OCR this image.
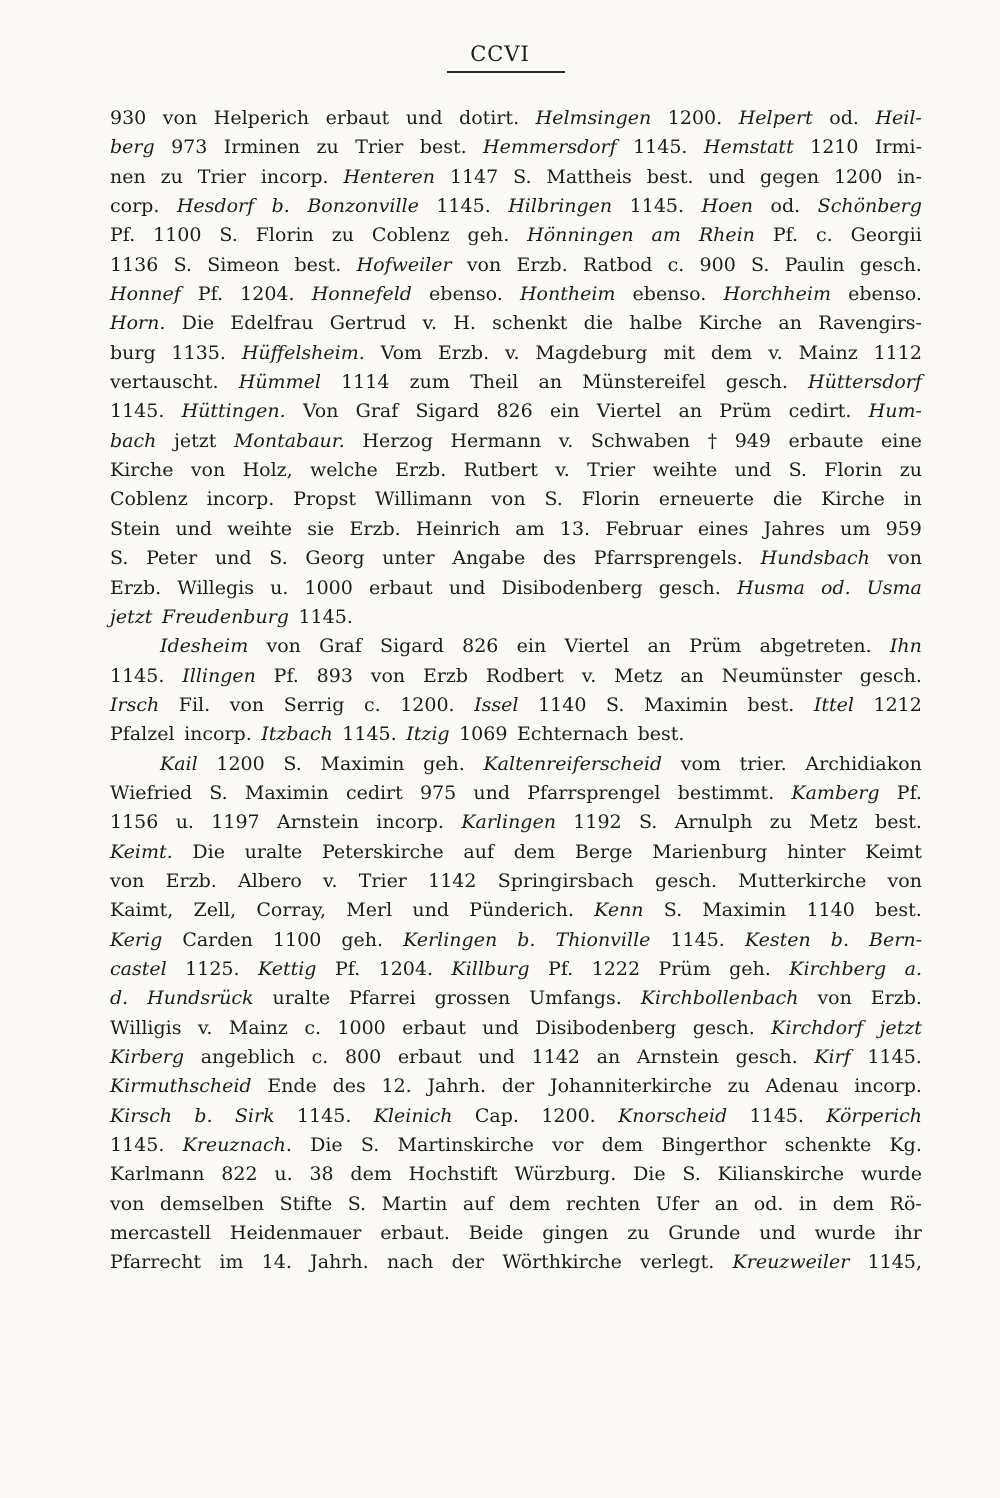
CCVI
930 von Helperich erbaut und dotirt. Helmsingen 1200. Helpert od. Heil-
berg 973 Irminen zu Trier best. Hemmersdorf 1145. Hemstatt 1210 Irmi-
nen zu Trier incorp. Henteren 1147 S. Mattheis best. und gegen 1200 in-
corp. Hesdorf b. Bonzonville 1145. Hilbringen 1145. Hoen od. Schönberg
Pf. 1100 S. Florin zu Coblenz geh. Hönningen am Rhein Pf. c. Georgii
1136 S. Simeon best. Hofweiler von Erzb. Ratbod c. 900 S. Paulin gesch.
Honnef Pf. 1204. Honnefeld ebenso. Hontheim ebenso. Horchheim ebenso.
Horn. Die Edelfrau Gertrud v. H. schenkt die halbe Kirche an Ravengirs-
burg 1135. Hüffelsheim. Vom Erzb. v. Magdeburg mit dem v. Mainz 1112
vertauscht. Hümmel 1114 zum Theil an Münstereifel gesch. Hüttersdorf
1145. Hüttingen. Von Graf Sigard 826 ein Viertel an Prüm cedirt. Hum-
bach jetzt Montabaur. Herzog Hermann v. Schwaben † 949 erbaute eine
Kirche von Holz, welche Erzb. Rutbert v. Trier weihte und S. Florin zu
Coblenz incorp. Propst Willimann von S. Florin erneuerte die Kirche in
Stein und weihte sie Erzb. Heinrich am 13. Februar eines Jahres um 959
S. Peter und S. Georg unter Angabe des Pfarrsprengels. Hundsbach von
Erzb. Willegis u. 1000 erbaut und Disibodenberg gesch. Husma od. Usma
jetzt Freudenburg 1145.
Idesheim von Graf Sigard 826 ein Viertel an Prüm abgetreten. Ihn
1145. Illingen Pf. 893 von Erzb Rodbert v. Metz an Neumünster gesch.
Irsch Fil. von Serrig c. 1200. Issel 1140 S. Maximin best. Ittel 1212
Pfalzel incorp. Itzbach 1145. Itzig 1069 Echternach best.
Kail 1200 S. Maximin geh. Kaltenreiferscheid vom trier. Archidiakon
Wiefried S. Maximin cedirt 975 und Pfarrsprengel bestimmt. Kamberg Pf.
1156 u. 1197 Arnstein incorp. Karlingen 1192 S. Arnulph zu Metz best.
Keimt. Die uralte Peterskirche auf dem Berge Marienburg hinter Keimt
von Erzb. Albero v. Trier 1142 Springirsbach gesch. Mutterkirche von
Kaimt, Zell, Corray, Merl und Pünderich. Kenn S. Maximin 1140 best.
Kerig Carden 1100 geh. Kerlingen b. Thionville 1145. Kesten b. Bern-
castel 1125. Kettig Pf. 1204. Killburg Pf. 1222 Prüm geh. Kirchberg a.
d. Hundsrück uralte Pfarrei grossen Umfangs. Kirchbollenbach von Erzb.
Willigis v. Mainz c. 1000 erbaut und Disibodenberg gesch. Kirchdorf jetzt
Kirberg angeblich c. 800 erbaut und 1142 an Arnstein gesch. Kirf 1145.
Kirmuthscheid Ende des 12. Jahrh. der Johanniterkirche zu Adenau incorp.
Kirsch b. Sirk 1145. Kleinich Cap. 1200. Knorscheid 1145. Körperich
1145. Kreuznach. Die S. Martinskirche vor dem Bingerthor schenkte Kg.
Karlmann 822 u. 38 dem Hochstift Würzburg. Die S. Kilianskirche wurde
von demselben Stifte S. Martin auf dem rechten Ufer an od. in dem Rö-
mercastell Heidenmauer erbaut. Beide gingen zu Grunde und wurde ihr
Pfarrecht im 14. Jahrh. nach der Wörthkirche verlegt. Kreuzweiler 1145,
